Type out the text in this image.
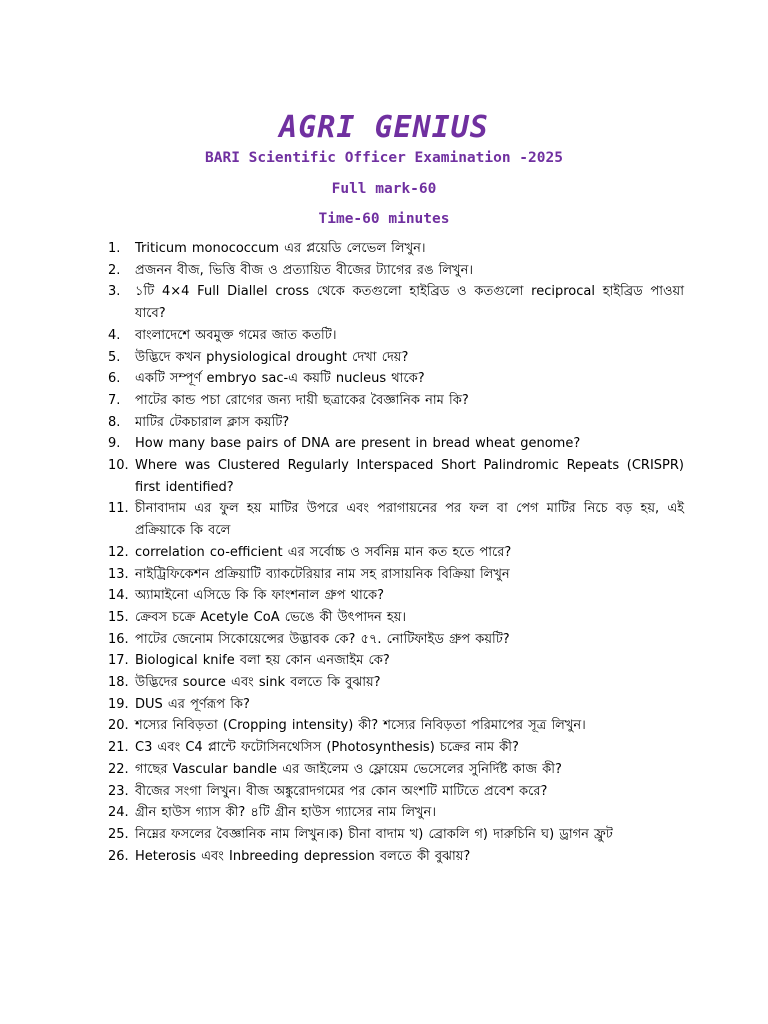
AGRI GENIUS

BARI Scientific Officer Examination -2025

Full mark-60

Time-60 minutes

1.	Triticum monococcum এর প্লয়েডি লেভেল লিখুন।
2.	প্রজনন বীজ, ভিত্তি বীজ ও প্রত্যায়িত বীজের ট্যাগের রঙ লিখুন।
3.	১টি 4×4 Full Diallel cross থেকে কতগুলো হাইব্রিড ও কতগুলো reciprocal হাইব্রিড পাওয়া যাবে?
4.	বাংলাদেশে অবমুক্ত গমের জাত কতটি।
5.	উদ্ভিদে কখন physiological drought দেখা দেয়?
6.	একটি সম্পূর্ণ embryo sac-এ কয়টি nucleus থাকে?
7.	পাটের কান্ড পচা রোগের জন্য দায়ী ছত্রাকের বৈজ্ঞানিক নাম কি?
8.	মাটির টেকচারাল ক্লাস কয়টি?
9.	How many base pairs of DNA are present in bread wheat genome?
10. Where was Clustered Regularly Interspaced Short Palindromic Repeats (CRISPR) first identified?
11. চীনাবাদাম এর ফুল হয় মাটির উপরে এবং পরাগায়নের পর ফল বা পেগ মাটির নিচে বড় হয়, এই প্রক্রিয়াকে কি বলে
12. correlation co-efficient এর সর্বোচ্চ ও সর্বনিম্ন মান কত হতে পারে?
13. নাইট্রিফিকেশন প্রক্রিয়াটি ব্যাকটেরিয়ার নাম সহ রাসায়নিক বিক্রিয়া লিখুন
14. অ্যামাইনো এসিডে কি কি ফাংশনাল গ্রুপ থাকে?
15. ক্রেবস চক্রে Acetyle CoA ভেঙে কী উৎপাদন হয়।
16. পাটের জেনোম সিকোয়েন্সের উদ্ভাবক কে? ৫৭. নোটিফাইড গ্রুপ কয়টি?
17. Biological knife বলা হয় কোন এনজাইম কে?
18. উদ্ভিদের source এবং sink বলতে কি বুঝায়?
19. DUS এর পূর্ণরূপ কি?
20. শস্যের নিবিড়তা (Cropping intensity) কী? শস্যের নিবিড়তা পরিমাপের সূত্র লিখুন।
21. C3 এবং C4 প্লান্টে ফটোসিনথেসিস (Photosynthesis) চক্রের নাম কী?
22. গাছের Vascular bandle এর জাইলেম ও ফ্লোয়েম ভেসেলের সুনির্দিষ্ট কাজ কী?
23. বীজের সংগা লিখুন। বীজ অঙ্কুরোদগমের পর কোন অংশটি মাটিতে প্রবেশ করে?
24. গ্রীন হাউস গ্যাস কী? ৪টি গ্রীন হাউস গ্যাসের নাম লিখুন।
25. নিম্নের ফসলের বৈজ্ঞানিক নাম লিখুন।ক) চীনা বাদাম খ) ব্রোকলি গ) দারুচিনি ঘ) ড্রাগন ফ্রুট
26. Heterosis এবং Inbreeding depression বলতে কী বুঝায়?
